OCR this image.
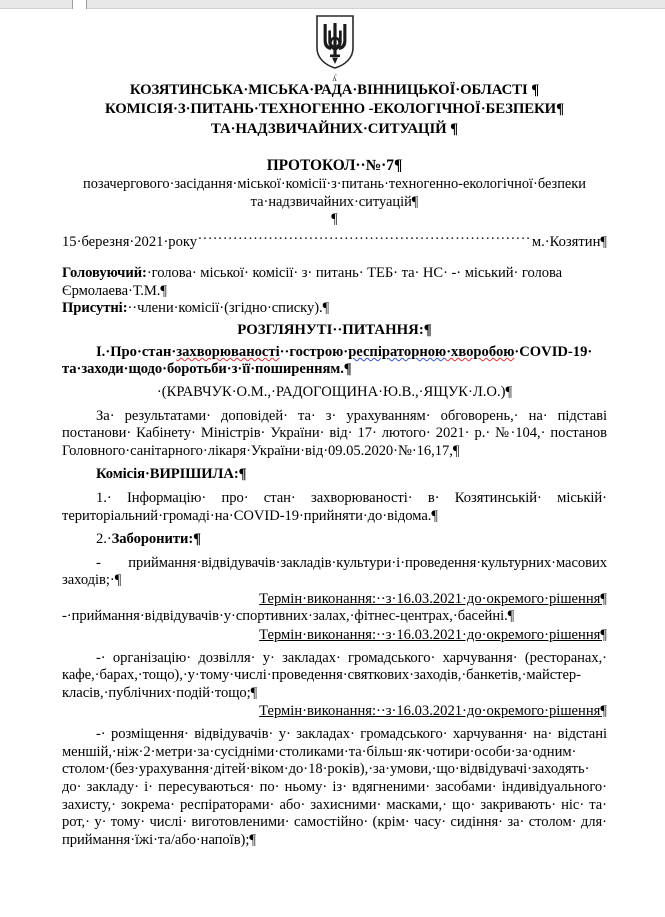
ʎ
КОЗЯТИНСЬКА·МІСЬКА·РАДА·ВІННИЦЬКОЇ·ОБЛАСТІ ¶
КОМІСІЯ·З·ПИТАНЬ·ТЕХНОГЕННО -ЕКОЛОГІЧНОЇ·БЕЗПЕКИ¶
ТА·НАДЗВИЧАЙНИХ·СИТУАЦІЙ ¶
ПРОТОКОЛ··№·7¶
позачергового·засідання·міської·комісії·з·питань·техногенно-екологічної·безпеки
та·надзвичайних·ситуацій¶
¶
15·березня·2021·року .....	м.·Козятин¶
Головуючий:·голова· міської· комісії· з· питань· ТЕБ· та· НС· -· міський· голова
Єрмолаева·Т.М.¶
Присутні:··члени·комісії·(згідно·списку).¶
РОЗГЛЯНУТІ··ПИТАННЯ:¶
I.·Про·стан·захворюваності··гострою·респіраторною·хворобою·COVID-19·
та·заходи·щодо·боротьби·з·її·поширенням.¶
·(КРАВЧУК·О.М.,·РАДОГОЩИНА·Ю.В.,·ЯЩУК·Л.О.)¶
За· результатами· доповідей· та· з· урахуванням· обговорень,· на· підставі постанови· Кабінету· Міністрів· України· від· 17· лютого· 2021· р.· №·104,· постанов Головного·санітарного·лікаря·України·від·09.05.2020·№·16,17,¶
Комісія·ВИРІШИЛА:¶
1.· Інформацію· про· стан· захворюваності· в· Козятинській· міській· територіальний·громаді·на·COVID-19·прийняти·до·відома.¶
2.·Заборонити:¶
- приймання·відвідувачів·закладів·культури·і·проведення·культурних·масових заходів;·¶
Термін·виконання:··з·16.03.2021·до·окремого·рішення¶
-·приймання·відвідувачів·у·спортивних·залах,·фітнес-центрах,·басейні.¶
Термін·виконання:··з·16.03.2021·до·окремого·рішення¶
-· організацію· дозвілля· у· закладах· громадського· харчування· (ресторанах,· кафе,·барах,·тощо),·у·тому·числі·проведення·святкових·заходів,·банкетів,·майстер-класів,·публічних·подій·тощо;¶
Термін·виконання:··з·16.03.2021·до·окремого·рішення¶
-· розміщення· відвідувачів· у· закладах· громадського· харчування· на· відстані меншій,·ніж·2·метри·за·сусідніми·столиками·та·більш·як·чотири·особи·за·одним· столом·(без·урахування·дітей·віком·до·18·років),·за·умови,·що·відвідувачі·заходять· до· закладу· і· пересуваються· по· ньому· із· вдягненими· засобами· індивідуального· захисту,· зокрема· респіраторами· або· захисними· масками,· що· закривають· ніс· та· рот,· у· тому· числі· виготовленими· самостійно· (крім· часу· сидіння· за· столом· для· приймання·їжі·та/або·напоїв);¶
